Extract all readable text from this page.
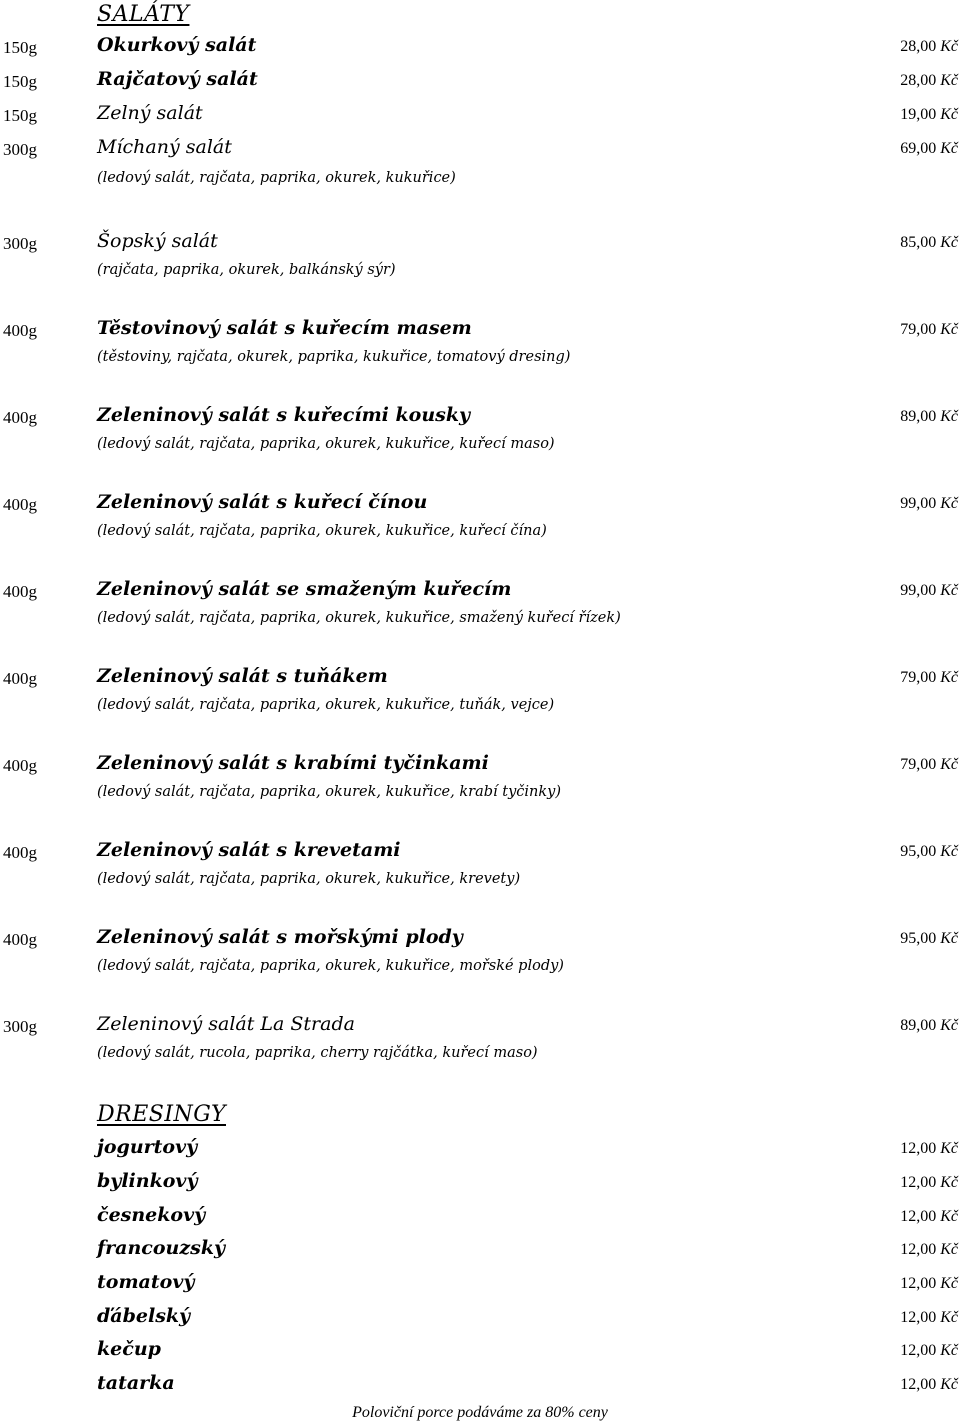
SALÁTY
150g	Okurkový salát	28,00 Kč
150g	Rajčatový salát	28,00 Kč
150g	Zelný salát	19,00 Kč
300g	Míchaný salát	69,00 Kč
(ledový salát, rajčata, paprika, okurek, kukuřice)
300g	Šopský salát	85,00 Kč
(rajčata, paprika, okurek, balkánský sýr)
400g	Těstovinový salát s kuřecím masem	79,00 Kč
(těstoviny, rajčata, okurek, paprika, kukuřice, tomatový dresing)
400g	Zeleninový salát s kuřecími kousky	89,00 Kč
(ledový salát, rajčata, paprika, okurek, kukuřice, kuřecí maso)
400g	Zeleninový salát s kuřecí čínou	99,00 Kč
(ledový salát, rajčata, paprika, okurek, kukuřice, kuřecí čína)
400g	Zeleninový salát se smaženým kuřecím	99,00 Kč
(ledový salát, rajčata, paprika, okurek, kukuřice, smažený kuřecí řízek)
400g	Zeleninový salát s tuňákem	79,00 Kč
(ledový salát, rajčata, paprika, okurek, kukuřice, tuňák, vejce)
400g	Zeleninový salát s krabími tyčinkami	79,00 Kč
(ledový salát, rajčata, paprika, okurek, kukuřice, krabí tyčinky)
400g	Zeleninový salát s krevetami	95,00 Kč
(ledový salát, rajčata, paprika, okurek, kukuřice, krevety)
400g	Zeleninový salát s mořskými plody	95,00 Kč
(ledový salát, rajčata, paprika, okurek, kukuřice, mořské plody)
300g	Zeleninový salát La Strada	89,00 Kč
(ledový salát, rucola, paprika, cherry rajčátka, kuřecí maso)
DRESINGY
jogurtový	12,00 Kč
bylinkový	12,00 Kč
česnekový	12,00 Kč
francouzský	12,00 Kč
tomatový	12,00 Kč
ďábelský	12,00 Kč
kečup	12,00 Kč
tatarka	12,00 Kč
Poloviční porce podáváme za 80% ceny
